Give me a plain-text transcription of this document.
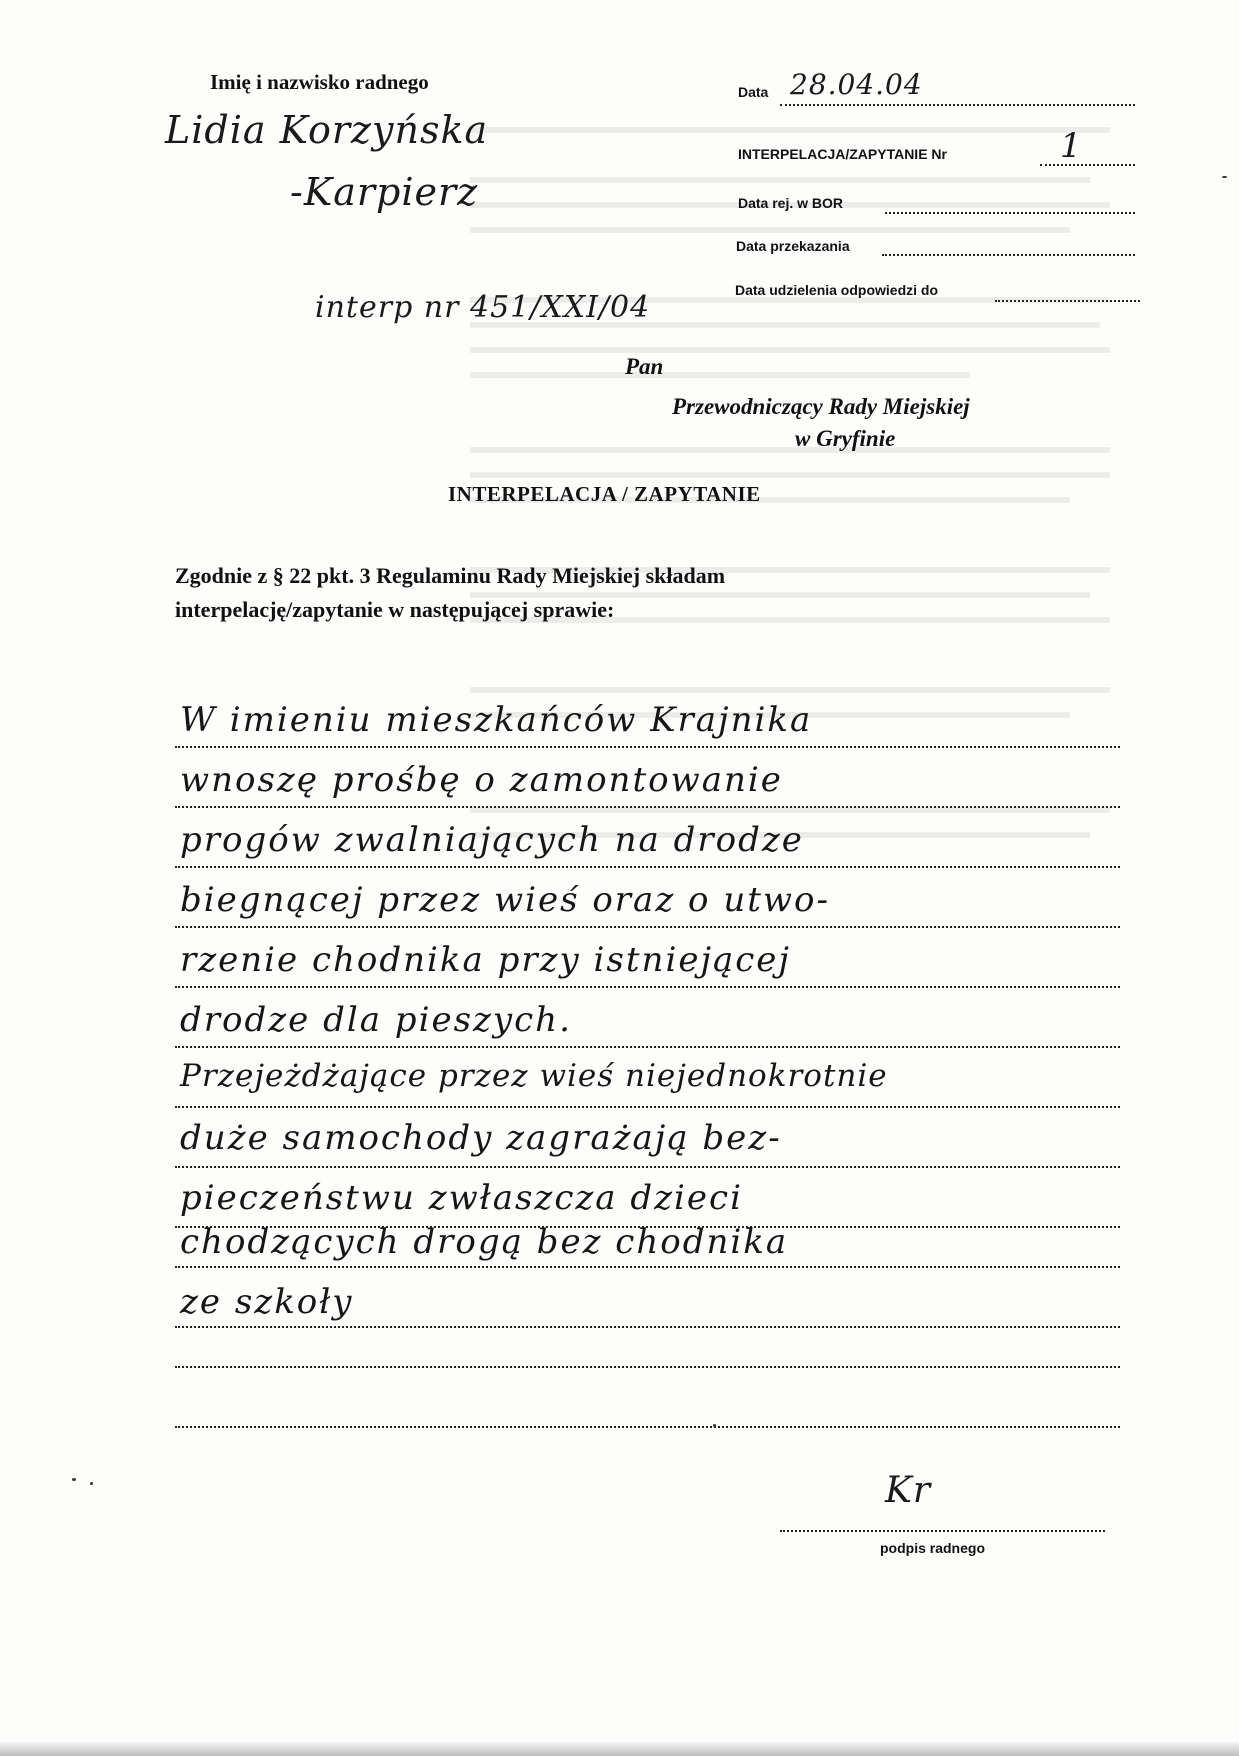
Imię i nazwisko radnego
Lidia Korzyńska
-Karpierz
interp nr 451/XXI/04
Data 28.04.04
INTERPELACJA/ZAPYTANIE Nr	1
Data rej. w BOR
Data przekazania
Data udzielenia odpowiedzi do
Pan
Przewodniczący Rady Miejskiej
w Gryfinie
INTERPELACJA / ZAPYTANIE
Zgodnie z § 22 pkt. 3 Regulaminu Rady Miejskiej składam
interpelację/zapytanie w następującej sprawie:
W imieniu mieszkańców Krajnika
wnoszę prośbę o zamontowanie
progów zwalniających na drodze
biegnącej przez wieś oraz o utwo-
rzenie chodnika przy istniejącej
drodze dla pieszych.
Przejeżdżające przez wieś niejednokrotnie
duże samochody zagrażają bez-
pieczeństwu zwłaszcza dzieci
chodzących drogą bez chodnika
ze szkoły
Kr
podpis radnego
